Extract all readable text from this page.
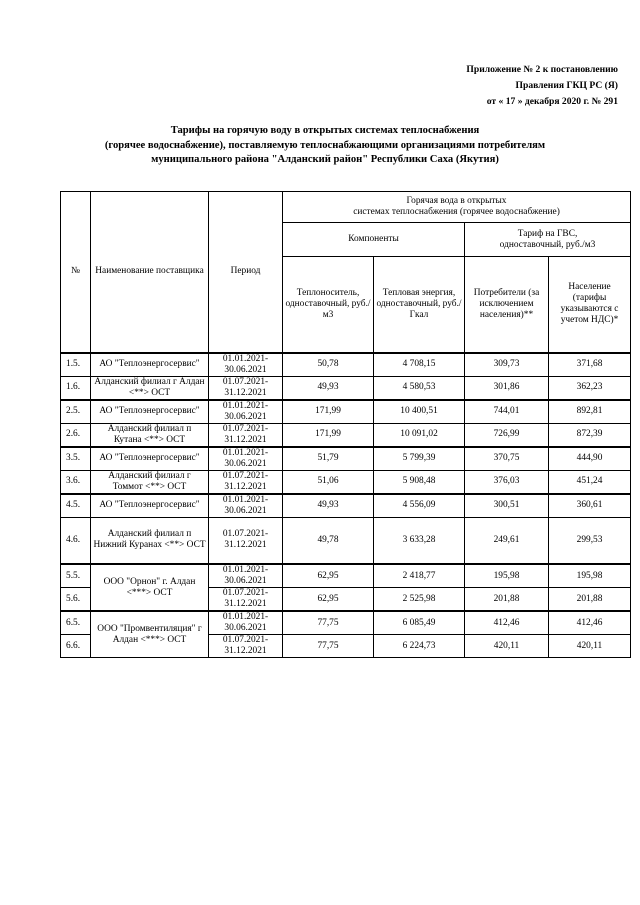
Приложение № 2 к постановлению
Правления ГКЦ РС (Я)
от « 17 » декабря 2020 г. № 291
Тарифы на горячую воду в открытых системах теплоснабжения
(горячее водоснабжение), поставляемую теплоснабжающими организациями потребителям
муниципального района "Алданский район" Республики Саха (Якутия)
№	Наименование поставщика	Период	Горячая вода в открытых
системах теплоснабжения (горячее водоснабжение)			

			Компоненты		Тариф на ГВС,
одноставочный, руб./м3	

			Теплоноситель, одноставочный, руб./м3	Тепловая энергия, одноставочный, руб./Гкал	Потребители (за исключением населения)**	Население (тарифы указываются с учетом НДС)*
1.5.	АО "Теплоэнергосервис"	01.01.2021-30.06.2021	50,78	4 708,15	309,73	371,68
1.6.	Алданский филиал г Алдан <**> ОСТ	01.07.2021-31.12.2021	49,93	4 580,53	301,86	362,23
2.5.	АО "Теплоэнергосервис"	01.01.2021-30.06.2021	171,99	10 400,51	744,01	892,81
2.6.	Алданский филиал п Кутана <**> ОСТ	01.07.2021-31.12.2021	171,99	10 091,02	726,99	872,39
3.5.	АО "Теплоэнергосервис"	01.01.2021-30.06.2021	51,79	5 799,39	370,75	444,90
3.6.	Алданский филиал г Томмот <**> ОСТ	01.07.2021-31.12.2021	51,06	5 908,48	376,03	451,24
4.5.	АО "Теплоэнергосервис"	01.01.2021-30.06.2021	49,93	4 556,09	300,51	360,61
4.6.	Алданский филиал п Нижний Куранах <**> ОСТ	01.07.2021-31.12.2021	49,78	3 633,28	249,61	299,53
5.5.	ООО "Орнон" г. Алдан <***> ОСТ	01.01.2021-30.06.2021	62,95	2 418,77	195,98	195,98
5.6.		01.07.2021-31.12.2021	62,95	2 525,98	201,88	201,88
6.5.	ООО "Промвентиляция" г Алдан <***> ОСТ	01.01.2021-30.06.2021	77,75	6 085,49	412,46	412,46
6.6.		01.07.2021-31.12.2021	77,75	6 224,73	420,11	420,11
